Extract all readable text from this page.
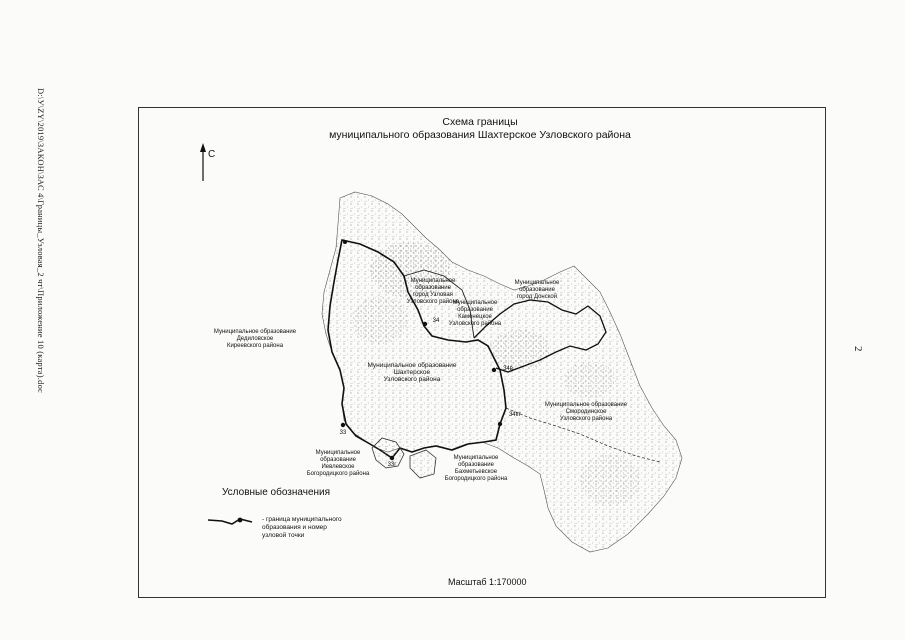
D:\У\ZY\2019\ЗАКОН\ЗАС 4\Границы_Узловая_2 чт\Приложение 10 (карта).doc	2
Схема границы
муниципального образования Шахтерское Узловского района
С
Муниципальное образование
Дедиловское
Киреевского района
Муниципальное
образование
город Узловая
Узловского района
Муниципальное
образование
город Донской
Муниципальное
образование
Каменецкое
Узловского района
Муниципальное образование
Шахтерское
Узловского района
Муниципальное образование
Смородинское
Узловского района
Муниципальное
образование
Иевлевское
Богородицкого района
Муниципальное
образование
Бахметьевское
Богородицкого района
33
33г
34
34кт
34в
Условные обозначения
- граница муниципального
образования и номер
узловой точки
Масштаб 1:170000
